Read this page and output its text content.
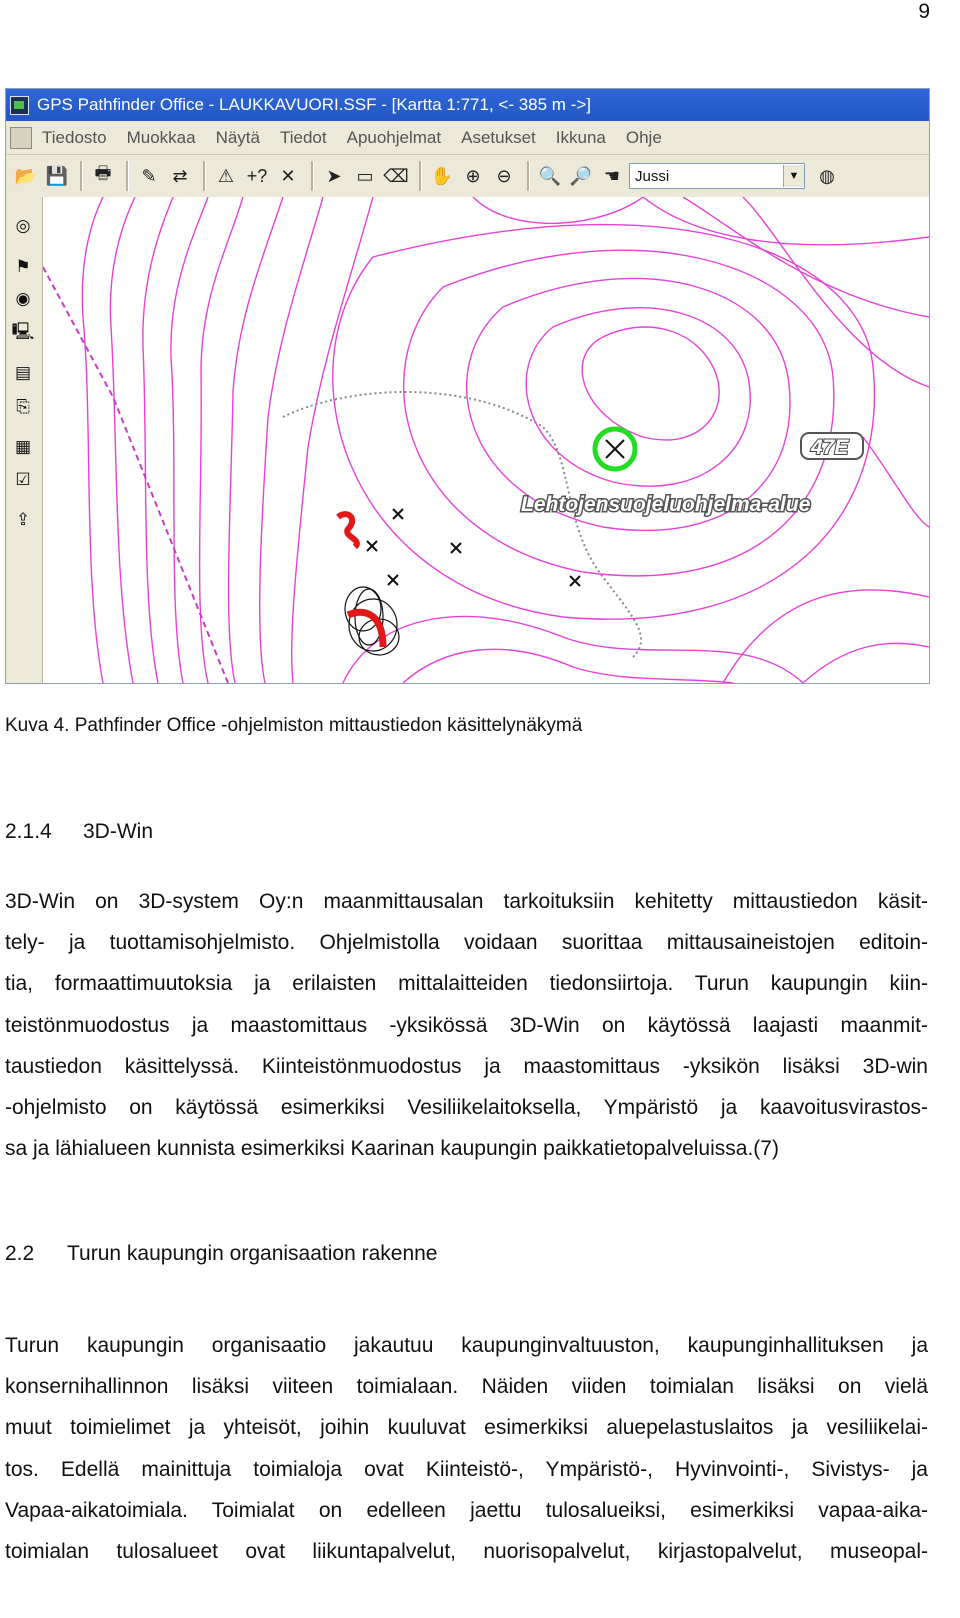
9
GPS Pathfinder Office - LAUKKAVUORI.SSF - [Kartta 1:771, <- 385 m ->]
Tiedosto Muokkaa Näytä Tiedot Apuohjelmat Asetukset Ikkuna Ohje
📂 💾	🖶	✎ ⇄	⚠ +? ✕	➤ ▭ ⌫ ✋ ⊕ ⊖	🔍 🔎 ☚ Jussi	▼	◍
◎
⚑
◉
🖳
▤
⎘
▦
☑
⇪
Lehtojensuojeluohjelma-alue
47E
Kuva 4. Pathfinder Office -ohjelmiston mittaustiedon käsittelynäkymä
2.1.4 3D-Win
3D-Win on 3D-system Oy:n maanmittausalan tarkoituksiin kehitetty mittaustiedon käsit-
tely- ja tuottamisohjelmisto. Ohjelmistolla voidaan suorittaa mittausaineistojen editoin-
tia, formaattimuutoksia ja erilaisten mittalaitteiden tiedonsiirtoja. Turun kaupungin kiin-
teistönmuodostus ja maastomittaus -yksikössä 3D-Win on käytössä laajasti maanmit-
taustiedon käsittelyssä. Kiinteistönmuodostus ja maastomittaus -yksikön lisäksi 3D-win
-ohjelmisto on käytössä esimerkiksi Vesiliikelaitoksella, Ympäristö ja kaavoitusvirastos-
sa ja lähialueen kunnista esimerkiksi Kaarinan kaupungin paikkatietopalveluissa.(7)
2.2 Turun kaupungin organisaation rakenne
Turun kaupungin organisaatio jakautuu kaupunginvaltuuston, kaupunginhallituksen ja
konsernihallinnon lisäksi viiteen toimialaan. Näiden viiden toimialan lisäksi on vielä
muut toimielimet ja yhteisöt, joihin kuuluvat esimerkiksi aluepelastuslaitos ja vesiliikelai-
tos. Edellä mainittuja toimialoja ovat Kiinteistö-, Ympäristö-, Hyvinvointi-, Sivistys- ja
Vapaa-aikatoimiala. Toimialat on edelleen jaettu tulosalueiksi, esimerkiksi vapaa-aika-
toimialan tulosalueet ovat liikuntapalvelut, nuorisopalvelut, kirjastopalvelut, museopal-
